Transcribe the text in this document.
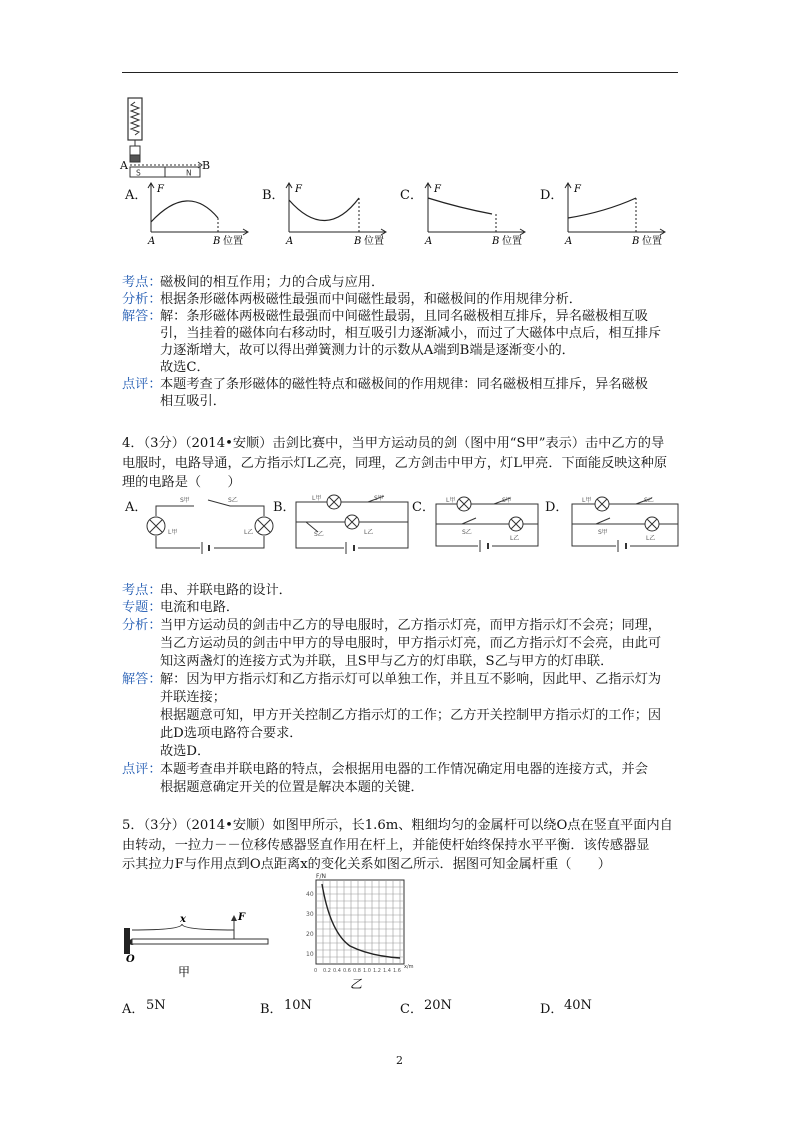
S	N
A	B
A．	B．	C．	D．
F
A	B 位置
F
A	B 位置
F
A	B 位置
F
A	B 位置
考点：
磁极间的相互作用；力的合成与应用．
分析：
根据条形磁体两极磁性最强而中间磁性最弱，和磁极间的作用规律分析．
解答：
解：条形磁体两极磁性最强而中间磁性最弱，且同名磁极相互排斥，异名磁极相互吸
引，当挂着的磁体向右移动时，相互吸引力逐渐减小，而过了大磁体中点后，相互排斥
力逐渐增大，故可以得出弹簧测力计的示数从A端到B端是逐渐变小的．
故选C．
点评：
本题考查了条形磁体的磁性特点和磁极间的作用规律：同名磁极相互排斥，异名磁极
相互吸引．
4．（3分）（2014•安顺）击剑比赛中，当甲方运动员的剑（图中用“S甲”表示）击中乙方的导
电服时，电路导通，乙方指示灯L乙亮，同理，乙方剑击中甲方，灯L甲亮．下面能反映这种原
理的电路是（　　）
A．	B．	C．	D．
S甲	S乙
L甲	L乙
L甲	S甲
S乙	L乙
L甲	S甲
S乙
L乙
L甲	S乙
S甲
L乙
考点：
串、并联电路的设计．
专题：
电流和电路．
分析：
当甲方运动员的剑击中乙方的导电服时，乙方指示灯亮，而甲方指示灯不会亮；同理，
当乙方运动员的剑击中甲方的导电服时，甲方指示灯亮，而乙方指示灯不会亮，由此可
知这两盏灯的连接方式为并联，且S甲与乙方的灯串联，S乙与甲方的灯串联．
解答：
解：因为甲方指示灯和乙方指示灯可以单独工作，并且互不影响，因此甲、乙指示灯为
并联连接；
根据题意可知，甲方开关控制乙方指示灯的工作；乙方开关控制甲方指示灯的工作；因
此D选项电路符合要求．
故选D．
点评：
本题考查串并联电路的特点，会根据用电器的工作情况确定用电器的连接方式，并会
根据题意确定开关的位置是解决本题的关键．
5．（3分）（2014•安顺）如图甲所示，长1.6m、粗细均匀的金属杆可以绕O点在竖直平面内自
由转动，一拉力－－位移传感器竖直作用在杆上，并能使杆始终保持水平平衡．该传感器显
示其拉力F与作用点到O点距离x的变化关系如图乙所示．据图可知金属杆重（　　）
x	F
O
甲
F/N
40
30
20
10
0 0.2 0.4 0.6 0.8 1.0 1.2 1.4 1.6
x/m
乙
A． 5N	B． 10N	C． 20N	D． 40N
2
